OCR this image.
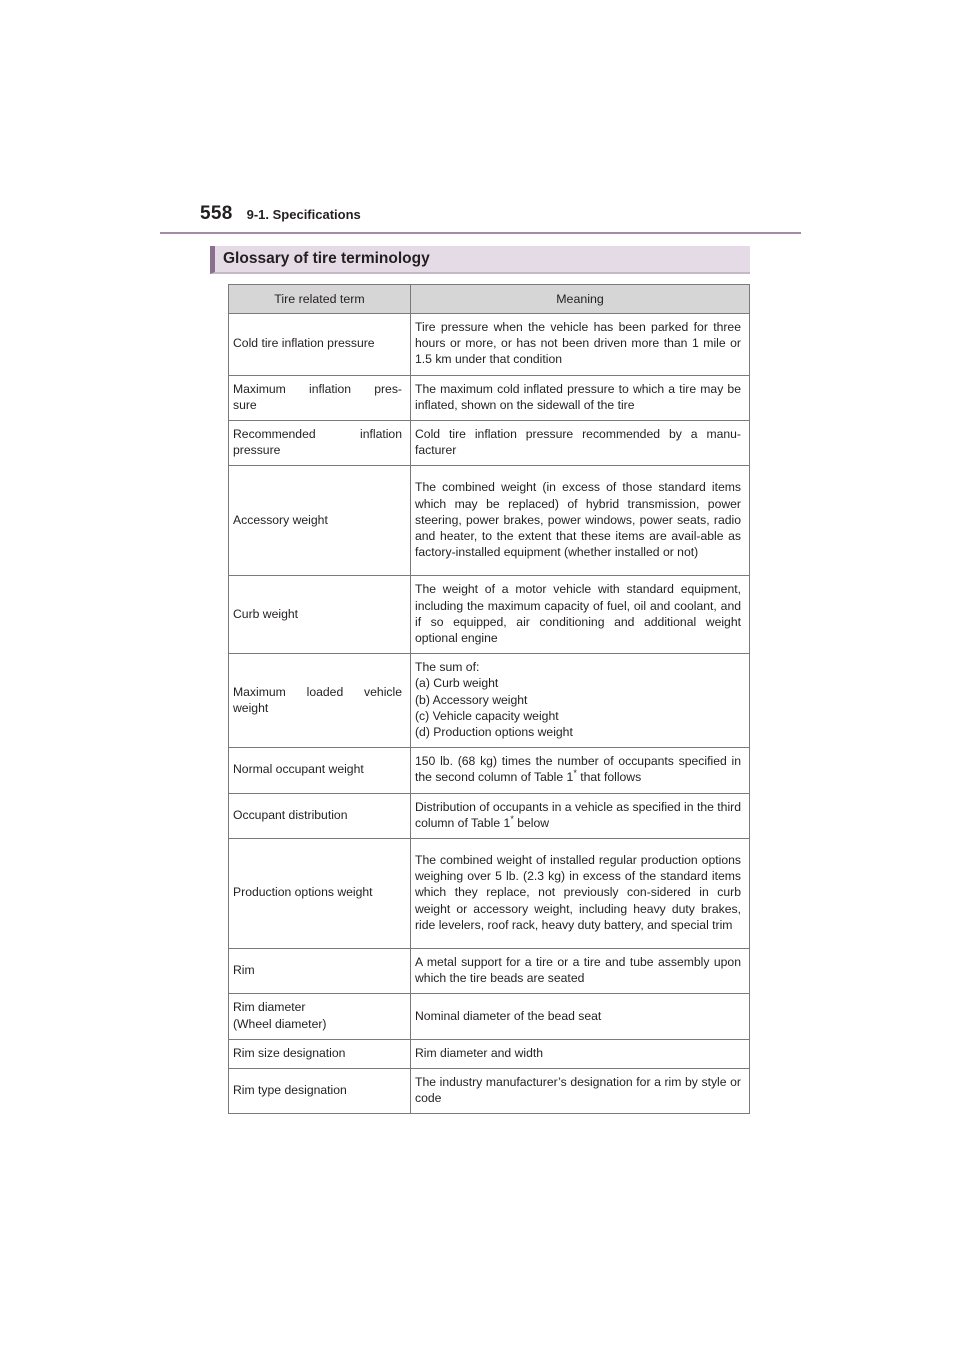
558 9-1. Specifications
Glossary of tire terminology
Tire related term	Meaning

Cold tire inflation pressure	Tire pressure when the vehicle has been parked for three hours or more, or has not been driven more than 1 mile or 1.5 km under that condition

Maximum inflation pres-
sure	The maximum cold inflated pressure to which a tire may be inflated, shown on the sidewall of the tire

Recommended inflation
pressure	Cold tire inflation pressure recommended by a manu-facturer

Accessory weight	The combined weight (in excess of those standard items which may be replaced) of hybrid transmission, power steering, power brakes, power windows, power seats, radio and heater, to the extent that these items are avail-able as factory-installed equipment (whether installed or not)

Curb weight	The weight of a motor vehicle with standard equipment, including the maximum capacity of fuel, oil and coolant, and if so equipped, air conditioning and additional weight optional engine

Maximum loaded vehicle
weight	The sum of:
(a) Curb weight
(b) Accessory weight
(c) Vehicle capacity weight
(d) Production options weight

Normal occupant weight	150 lb. (68 kg) times the number of occupants specified in the second column of Table 1* that follows

Occupant distribution	Distribution of occupants in a vehicle as specified in the third column of Table 1* below

Production options weight	The combined weight of installed regular production options weighing over 5 lb. (2.3 kg) in excess of the standard items which they replace, not previously con-sidered in curb weight or accessory weight, including heavy duty brakes, ride levelers, roof rack, heavy duty battery, and special trim

Rim	A metal support for a tire or a tire and tube assembly upon which the tire beads are seated

Rim diameter
(Wheel diameter)	Nominal diameter of the bead seat

Rim size designation	Rim diameter and width

Rim type designation	The industry manufacturer’s designation for a rim by style or code
